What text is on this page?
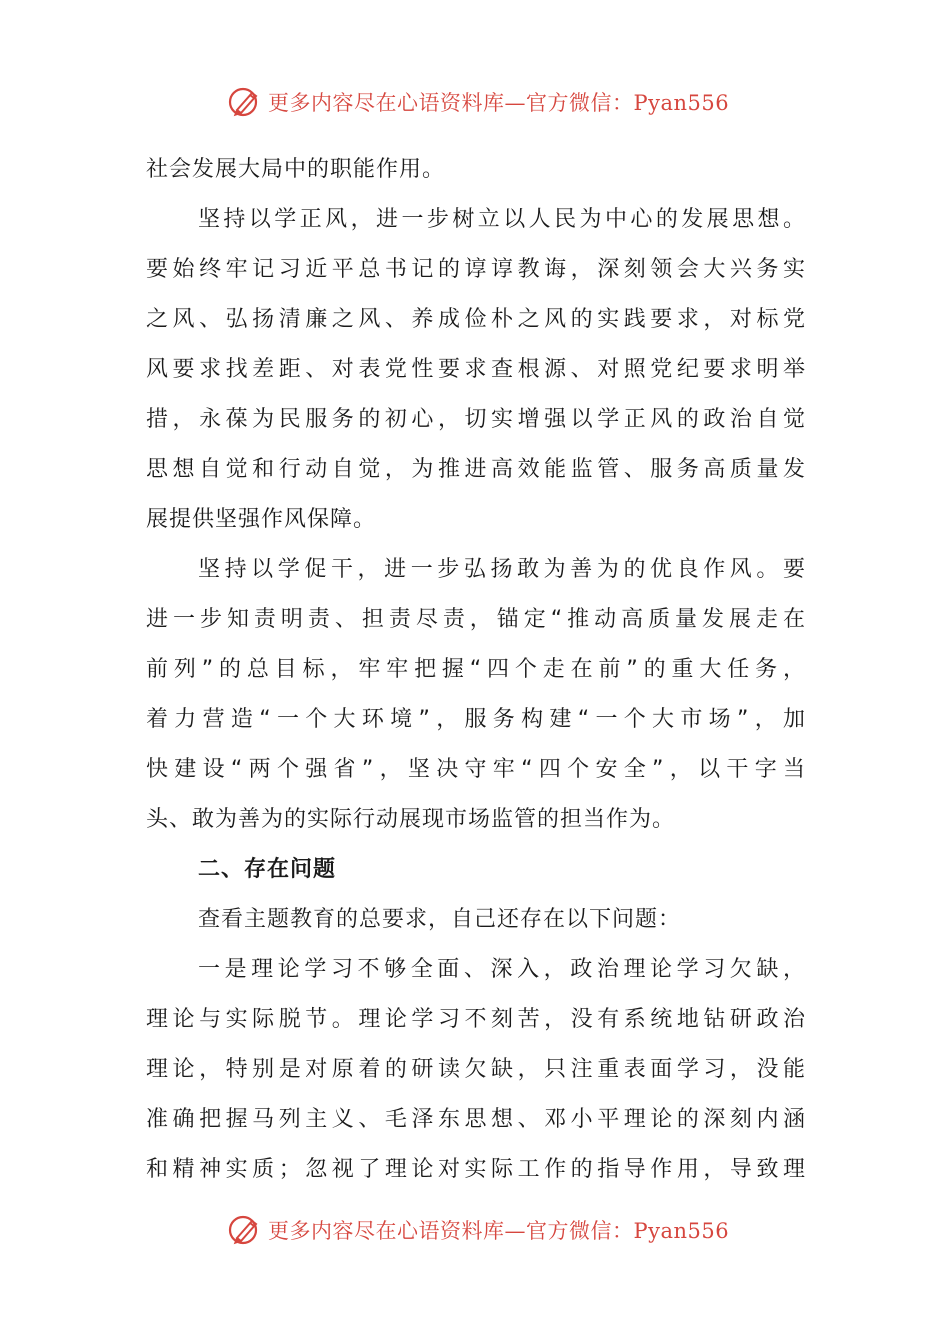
更多内容尽在心语资料库—官方微信：Pyan556
社会发展大局中的职能作用。
坚持以学正风，进一步树立以人民为中心的发展思想。
要始终牢记习近平总书记的谆谆教诲，深刻领会大兴务实
之风、弘扬清廉之风、养成俭朴之风的实践要求，对标党
风要求找差距、对表党性要求查根源、对照党纪要求明举
措，永葆为民服务的初心，切实增强以学正风的政治自觉
思想自觉和行动自觉，为推进高效能监管、服务高质量发
展提供坚强作风保障。
坚持以学促干，进一步弘扬敢为善为的优良作风。要
进一步知责明责、担责尽责，锚定“推动高质量发展走在
前列”的总目标，牢牢把握“四个走在前”的重大任务，
着力营造“一个大环境”，服务构建“一个大市场”，加
快建设“两个强省”，坚决守牢“四个安全”，以干字当
头、敢为善为的实际行动展现市场监管的担当作为。
二、存在问题
查看主题教育的总要求，自己还存在以下问题：
一是理论学习不够全面、深入，政治理论学习欠缺，
理论与实际脱节。理论学习不刻苦，没有系统地钻研政治
理论，特别是对原着的研读欠缺，只注重表面学习，没能
准确把握马列主义、毛泽东思想、邓小平理论的深刻内涵
和精神实质；忽视了理论对实际工作的指导作用，导致理
更多内容尽在心语资料库—官方微信：Pyan556
